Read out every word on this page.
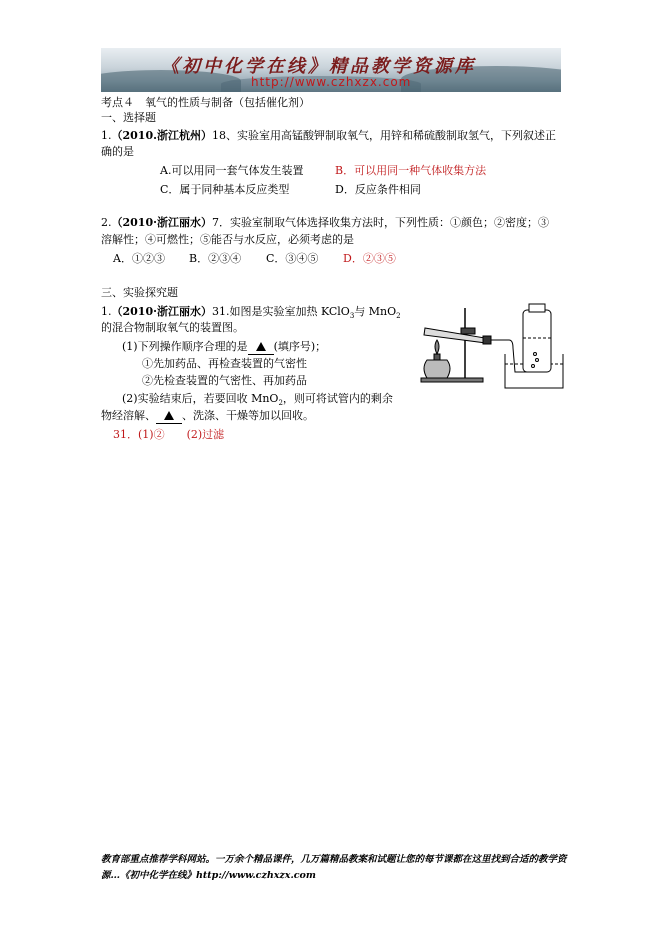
《初中化学在线》精品教学资源库
http://www.czhxzx.com
考点４　氧气的性质与制备（包括催化剂）
一、选择题
1.（2010.浙江杭州）18、实验室用高锰酸钾制取氧气，用锌和稀硫酸制取氢气，下列叙述正
确的是
A.可以用同一套气体发生装置	B．可以用同一种气体收集方法
C．属于同种基本反应类型	D．反应条件相同
2.（2010·浙江丽水）7．实验室制取气体选择收集方法时，下列性质：①颜色；②密度；③
溶解性；④可燃性；⑤能否与水反应，必须考虑的是
A．①②③ B．②③④ C．③④⑤ D．②③⑤
三、实验探究题
1.（2010·浙江丽水）31.如图是实验室加热 KClO$_3$与 MnO$_2$
的混合物制取氧气的装置图。
(1)下列操作顺序合理的是 (填序号)；
①先加药品、再检查装置的气密性
②先检查装置的气密性、再加药品
(2)实验结束后，若要回收 MnO$_2$，则可将试管内的剩余
物经溶解、 、洗涤、干燥等加以回收。
31．(1)②　　(2)过滤
教育部重点推荐学科网站。一万余个精品课件，几万篇精品教案和试题让您的每节课都在这里找到合适的教学资源…《初中化学在线》http://www.czhxzx.com
